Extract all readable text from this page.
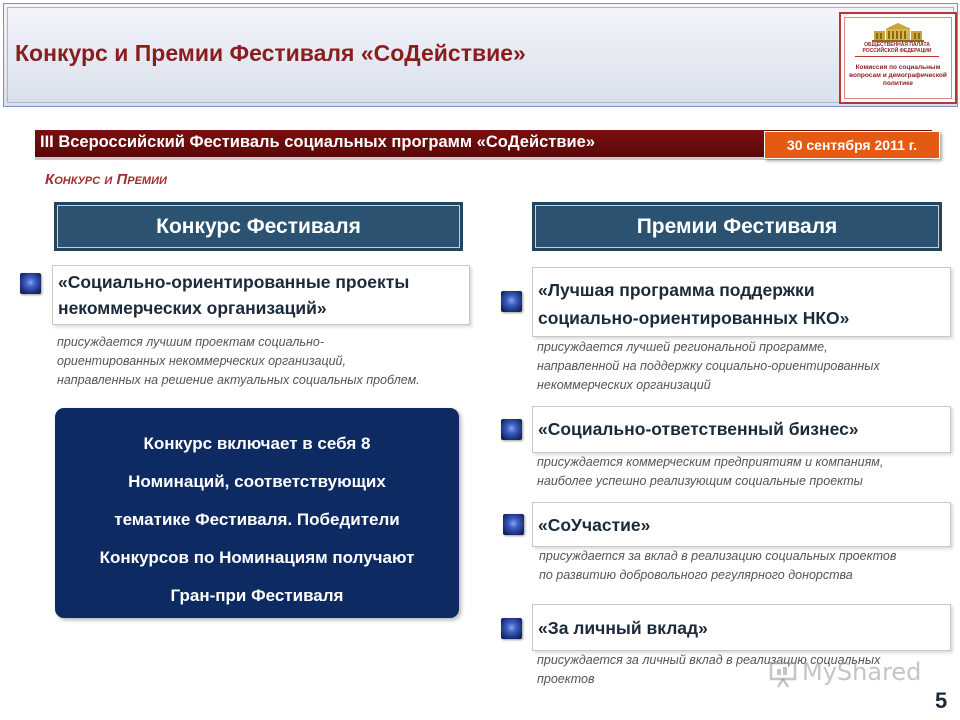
Конкурс и Премии Фестиваля «СоДействие»	ОБЩЕСТВЕННАЯ ПАЛАТА РОССИЙСКОЙ ФЕДЕРАЦИИ
Комиссия по социальным вопросам и демографической политике
III Всероссийский Фестиваль социальных программ «СоДействие»	30 сентября 2011 г.
Конкурс и Премии
Конкурс Фестиваля	Премии Фестиваля
«Социально-ориентированные проекты
некоммерческих организаций»
присуждается лучшим проектам социально-
ориентированных некоммерческих организаций,
направленных на решение актуальных социальных проблем.
Конкурс включает в себя 8
Номинаций, соответствующих
тематике Фестиваля. Победители
Конкурсов по Номинациям получают
Гран-при Фестиваля
«Лучшая программа поддержки
социально-ориентированных НКО»
присуждается лучшей региональной программе,
направленной на поддержку социально-ориентированных
некоммерческих организаций
«Социально-ответственный бизнес»
присуждается коммерческим предприятиям и компаниям,
наиболее успешно реализующим социальные проекты
«СоУчастие»
присуждается за вклад в реализацию социальных проектов
по развитию добровольного регулярного донорства
«За личный вклад»
присуждается за личный вклад в реализацию социальных
проектов	MyShared
5
